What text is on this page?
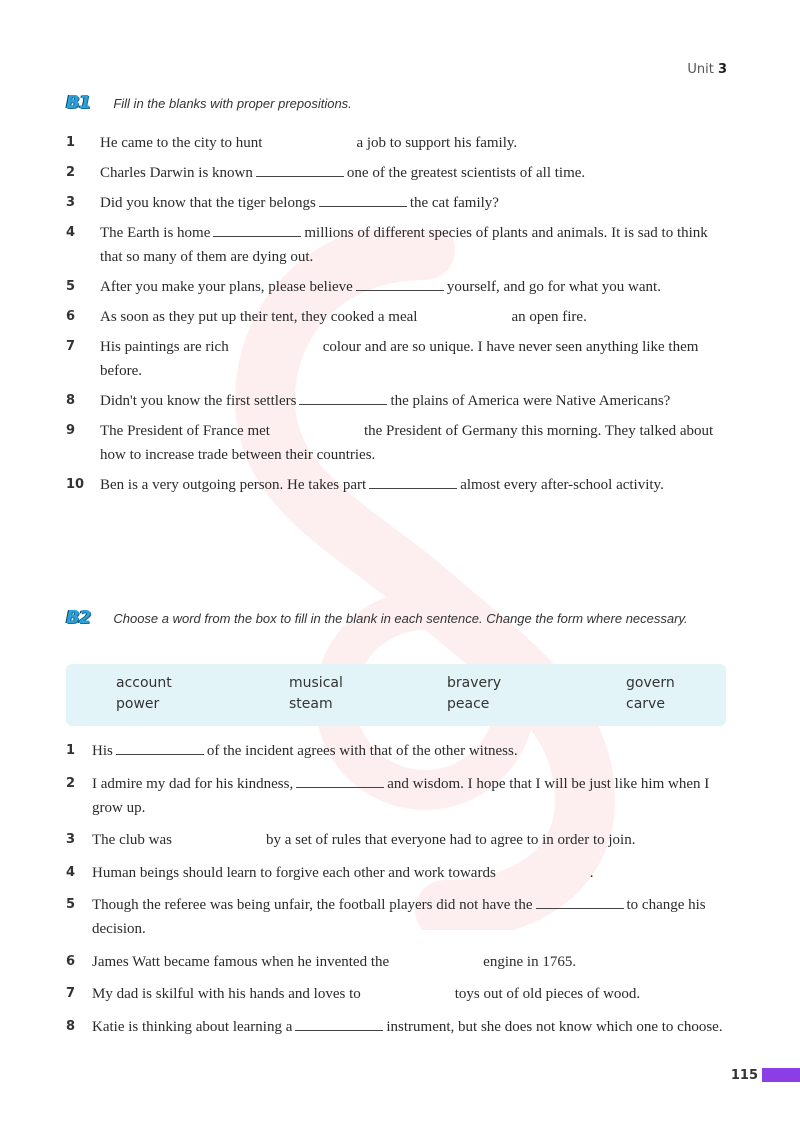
Unit 3
B1 Fill in the blanks with proper prepositions.
1	He came to the city to hunt	a job to support his family.
2	Charles Darwin is known	one of the greatest scientists of all time.
3	Did you know that the tiger belongs	the cat family?
4	The Earth is home	millions of different species of plants and animals. It is sad to think that so many of them are dying out.
5	After you make your plans, please believe	yourself, and go for what you want.
6	As soon as they put up their tent, they cooked a meal	an open fire.
7	His paintings are rich	colour and are so unique. I have never seen anything like them before.
8	Didn't you know the first settlers	the plains of America were Native Americans?
9	The President of France met	the President of Germany this morning. They talked about how to increase trade between their countries.
10	Ben is a very outgoing person. He takes part	almost every after-school activity.
B2 Choose a word from the box to fill in the blank in each sentence. Change the form where necessary.
account	musical	bravery	govern
power	steam	peace	carve
1	His	of the incident agrees with that of the other witness.
2	I admire my dad for his kindness,	and wisdom. I hope that I will be just like him when I grow up.
3	The club was	by a set of rules that everyone had to agree to in order to join.
4	Human beings should learn to forgive each other and work towards	.
5	Though the referee was being unfair, the football players did not have the	to change his decision.
6	James Watt became famous when he invented the	engine in 1765.
7	My dad is skilful with his hands and loves to	toys out of old pieces of wood.
8	Katie is thinking about learning a	instrument, but she does not know which one to choose.
115
